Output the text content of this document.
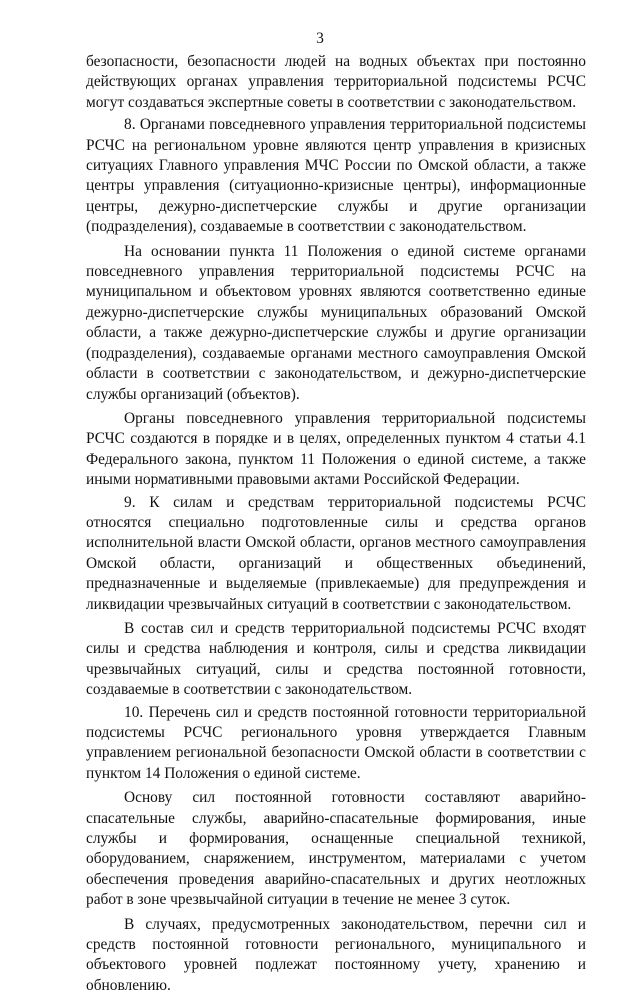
3

безопасности, безопасности людей на водных объектах при постоянно действующих органах управления территориальной подсистемы РСЧС могут создаваться экспертные советы в соответствии с законодательством.

8. Органами повседневного управления территориальной подсистемы РСЧС на региональном уровне являются центр управления в кризисных ситуациях Главного управления МЧС России по Омской области, а также центры управления (ситуационно-кризисные центры), информационные центры, дежурно-диспетчерские службы и другие организации (подразделения), создаваемые в соответствии с законодательством.

На основании пункта 11 Положения о единой системе органами повседневного управления территориальной подсистемы РСЧС на муниципальном и объектовом уровнях являются соответственно единые дежурно-диспетчерские службы муниципальных образований Омской области, а также дежурно-диспетчерские службы и другие организации (подразделения), создаваемые органами местного самоуправления Омской области в соответствии с законодательством, и дежурно-диспетчерские службы организаций (объектов).

Органы повседневного управления территориальной подсистемы РСЧС создаются в порядке и в целях, определенных пунктом 4 статьи 4.1 Федерального закона, пунктом 11 Положения о единой системе, а также иными нормативными правовыми актами Российской Федерации.

9. К силам и средствам территориальной подсистемы РСЧС относятся специально подготовленные силы и средства органов исполнительной власти Омской области, органов местного самоуправления Омской области, организаций и общественных объединений, предназначенные и выделяемые (привлекаемые) для предупреждения и ликвидации чрезвычайных ситуаций в соответствии с законодательством.

В состав сил и средств территориальной подсистемы РСЧС входят силы и средства наблюдения и контроля, силы и средства ликвидации чрезвычайных ситуаций, силы и средства постоянной готовности, создаваемые в соответствии с законодательством.

10. Перечень сил и средств постоянной готовности территориальной подсистемы РСЧС регионального уровня утверждается Главным управлением региональной безопасности Омской области в соответствии с пунктом 14 Положения о единой системе.

Основу сил постоянной готовности составляют аварийно-спасательные службы, аварийно-спасательные формирования, иные службы и формирования, оснащенные специальной техникой, оборудованием, снаряжением, инструментом, материалами с учетом обеспечения проведения аварийно-спасательных и других неотложных работ в зоне чрезвычайной ситуации в течение не менее 3 суток.

В случаях, предусмотренных законодательством, перечни сил и средств постоянной готовности регионального, муниципального и объектового уровней подлежат постоянному учету, хранению и обновлению.
